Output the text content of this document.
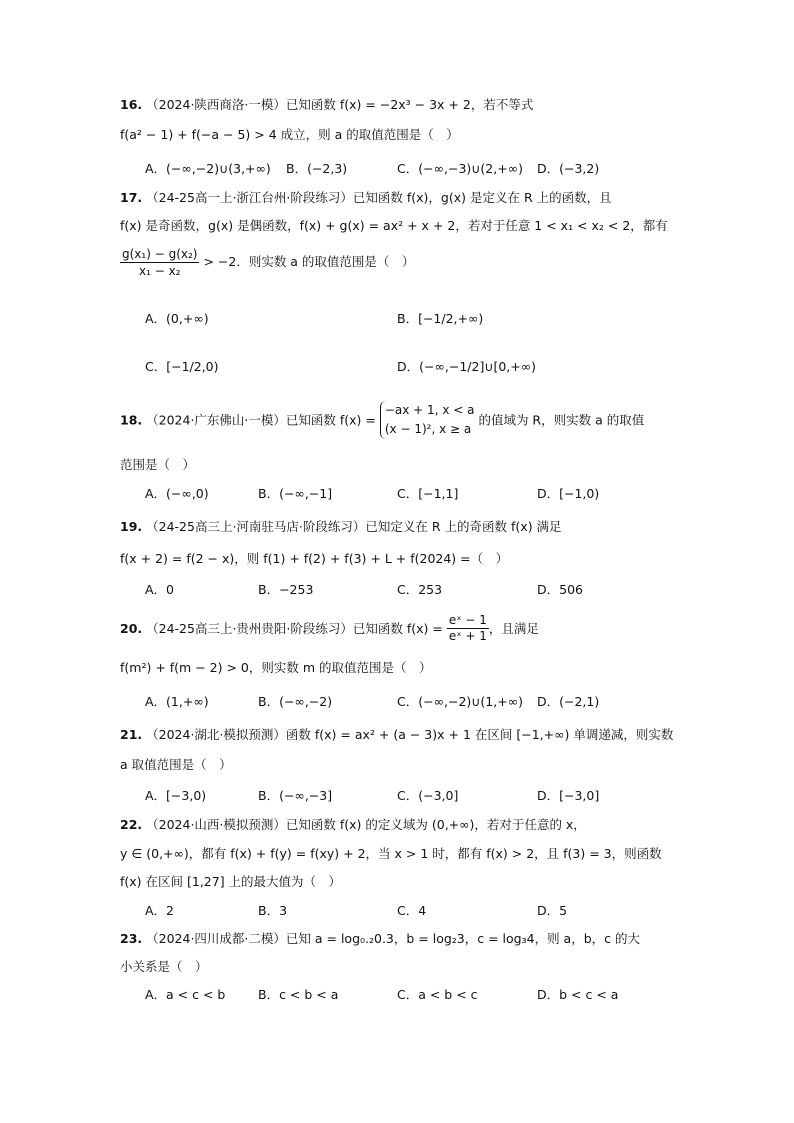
16. （2024·陕西商洛·一模）已知函数 f(x) = −2x³ − 3x + 2，若不等式
f(a² − 1) + f(−a − 5) > 4 成立，则 a 的取值范围是（　）
A．(−∞,−2)∪(3,+∞) B．(−2,3)	C．(−∞,−3)∪(2,+∞) D．(−3,2)
17. （24-25高一上·浙江台州·阶段练习）已知函数 f(x)，g(x) 是定义在 R 上的函数，且
f(x) 是奇函数，g(x) 是偶函数，f(x) + g(x) = ax² + x + 2，若对于任意 1 < x₁ < x₂ < 2，都有
$\frac{\text{g(x₁) − g(x₂)}}{\text{x₁ − x₂}} > -2$．则实数 a 的取值范围是（　）
A．(0,+∞)	B．[−1/2,+∞)
C．[−1/2,0)	D．(−∞,−1/2]∪[0,+∞)
18. （2024·广东佛山·一模）已知函数 f(x) =
−ax + 1, x < a
(x − 1)², x ≥ a
的值域为 R，则实数 a 的取值
范围是（　）
A．(−∞,0)	B．(−∞,−1]	C．[−1,1]	D．[−1,0)
19. （24-25高三上·河南驻马店·阶段练习）已知定义在 R 上的奇函数 f(x) 满足
f(x + 2) = f(2 − x)，则 f(1) + f(2) + f(3) + L + f(2024) =（　）
A．0	B．−253	C．253	D．506
20. （24-25高三上·贵州贵阳·阶段练习）已知函数 $f(x) = \frac{\text{eˣ − 1}}{\text{eˣ + 1}}$ ，且满足
f(m²) + f(m − 2) > 0，则实数 m 的取值范围是（　）
A．(1,+∞)	B．(−∞,−2)	C．(−∞,−2)∪(1,+∞) D．(−2,1)
21. （2024·湖北·模拟预测）函数 f(x) = ax² + (a − 3)x + 1 在区间 [−1,+∞) 单调递减，则实数
a 取值范围是（　）
A．[−3,0)	B．(−∞,−3]	C．(−3,0]	D．[−3,0]
22. （2024·山西·模拟预测）已知函数 f(x) 的定义域为 (0,+∞)，若对于任意的 x，
y ∈ (0,+∞)，都有 f(x) + f(y) = f(xy) + 2，当 x > 1 时，都有 f(x) > 2，且 f(3) = 3，则函数
f(x) 在区间 [1,27] 上的最大值为（　）
A．2	B．3	C．4	D．5
23. （2024·四川成都·二模）已知 a = log₀.₂0.3，b = log₂3，c = log₃4，则 a，b，c 的大
小关系是（　）
A．a < c < b	B．c < b < a	C．a < b < c	D．b < c < a
